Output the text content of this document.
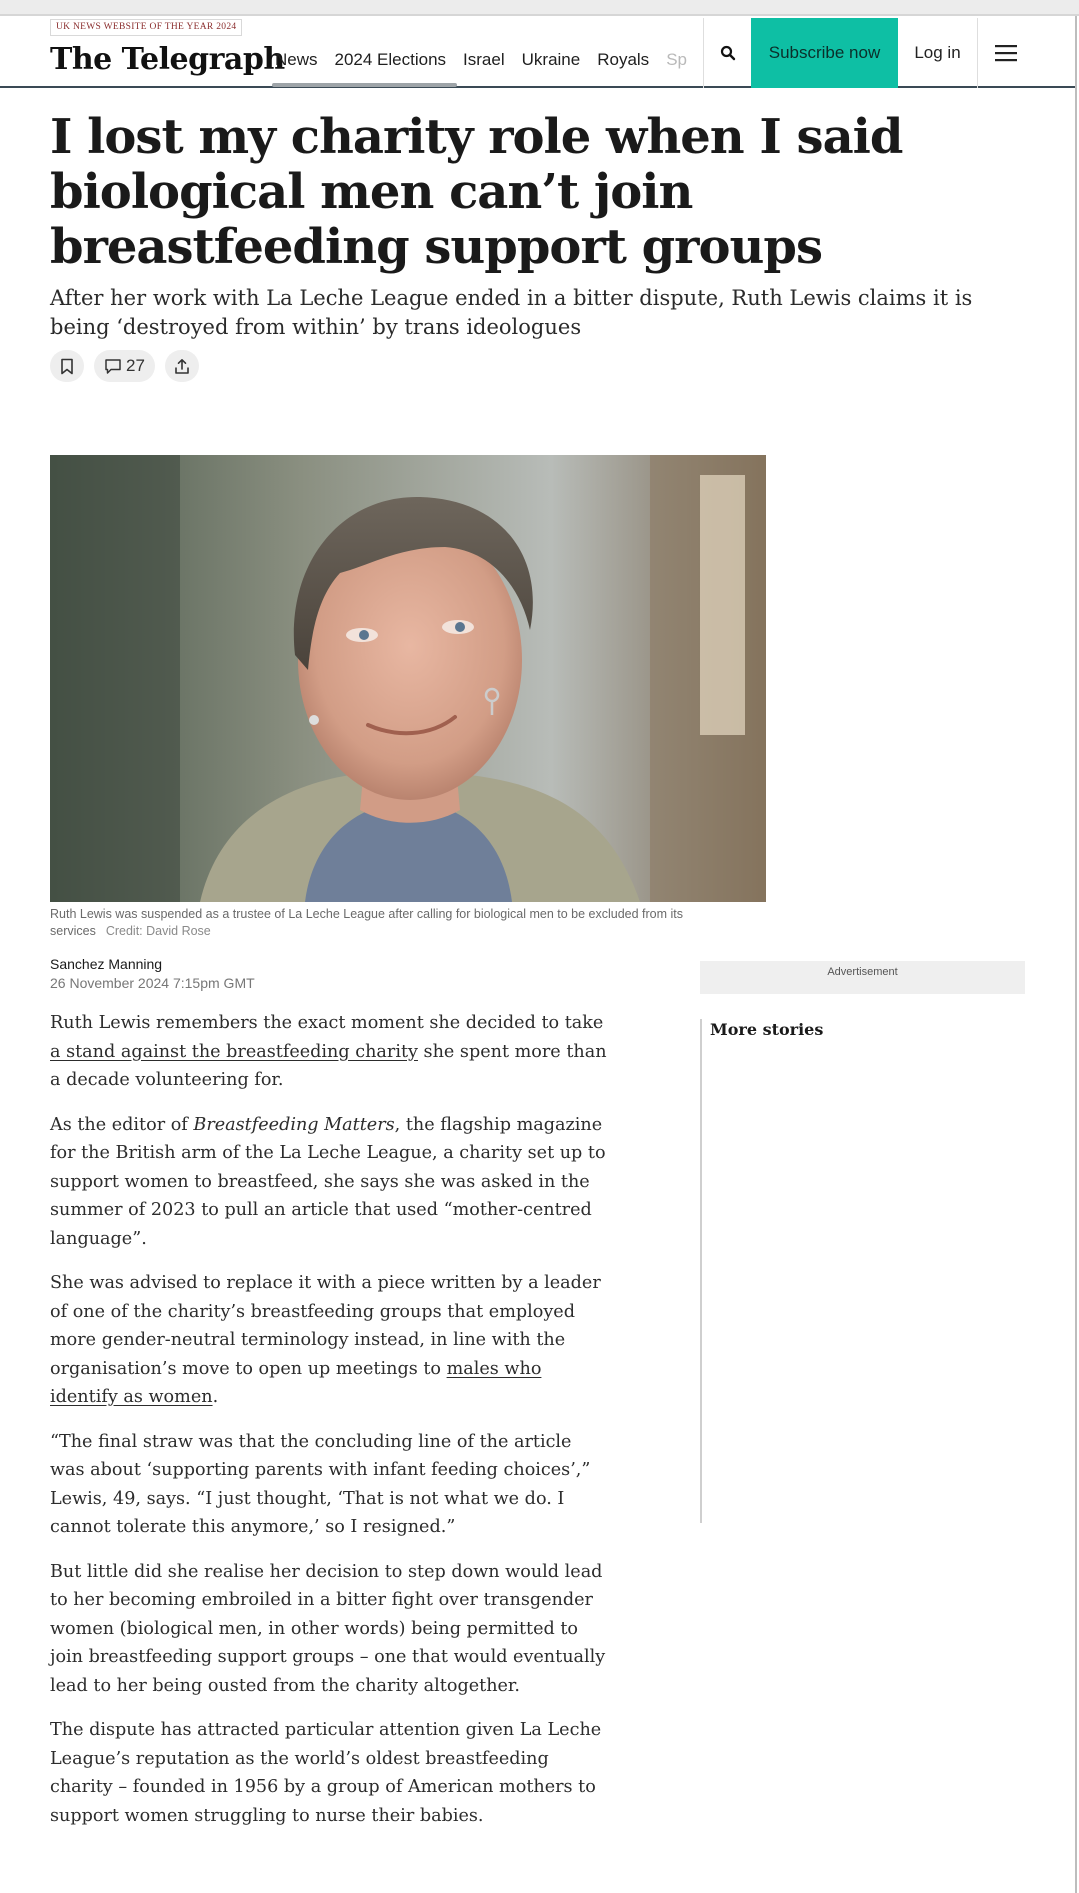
UK NEWS WEBSITE OF THE YEAR 2024
The Telegraph
News 2024 Elections Israel Ukraine Royals Sp	Subscribe now	Log in
I lost my charity role when I said biological men can’t join breastfeeding support groups

After her work with La Leche League ended in a bitter dispute, Ruth Lewis claims it is being ‘destroyed from within’ by trans ideologues

27
Ruth Lewis was suspended as a trustee of La Leche League after calling for biological men to be excluded from its services Credit: David Rose
Sanchez Manning
26 November 2024 7:15pm GMT

Ruth Lewis remembers the exact moment she decided to take a stand against the breastfeeding charity she spent more than a decade volunteering for.

As the editor of Breastfeeding Matters, the flagship magazine for the British arm of the La Leche League, a charity set up to support women to breastfeed, she says she was asked in the summer of 2023 to pull an article that used “mother-centred language”.

She was advised to replace it with a piece written by a leader of one of the charity’s breastfeeding groups that employed more gender-neutral terminology instead, in line with the organisation’s move to open up meetings to males who identify as women.

“The final straw was that the concluding line of the article was about ‘supporting parents with infant feeding choices’,” Lewis, 49, says. “I just thought, ‘That is not what we do. I cannot tolerate this anymore,’ so I resigned.”

But little did she realise her decision to step down would lead to her becoming embroiled in a bitter fight over transgender women (biological men, in other words) being permitted to join breastfeeding support groups – one that would eventually lead to her being ousted from the charity altogether.

The dispute has attracted particular attention given La Leche League’s reputation as the world’s oldest breastfeeding charity – founded in 1956 by a group of American mothers to support women struggling to nurse their babies.

Advertisement
More stories
